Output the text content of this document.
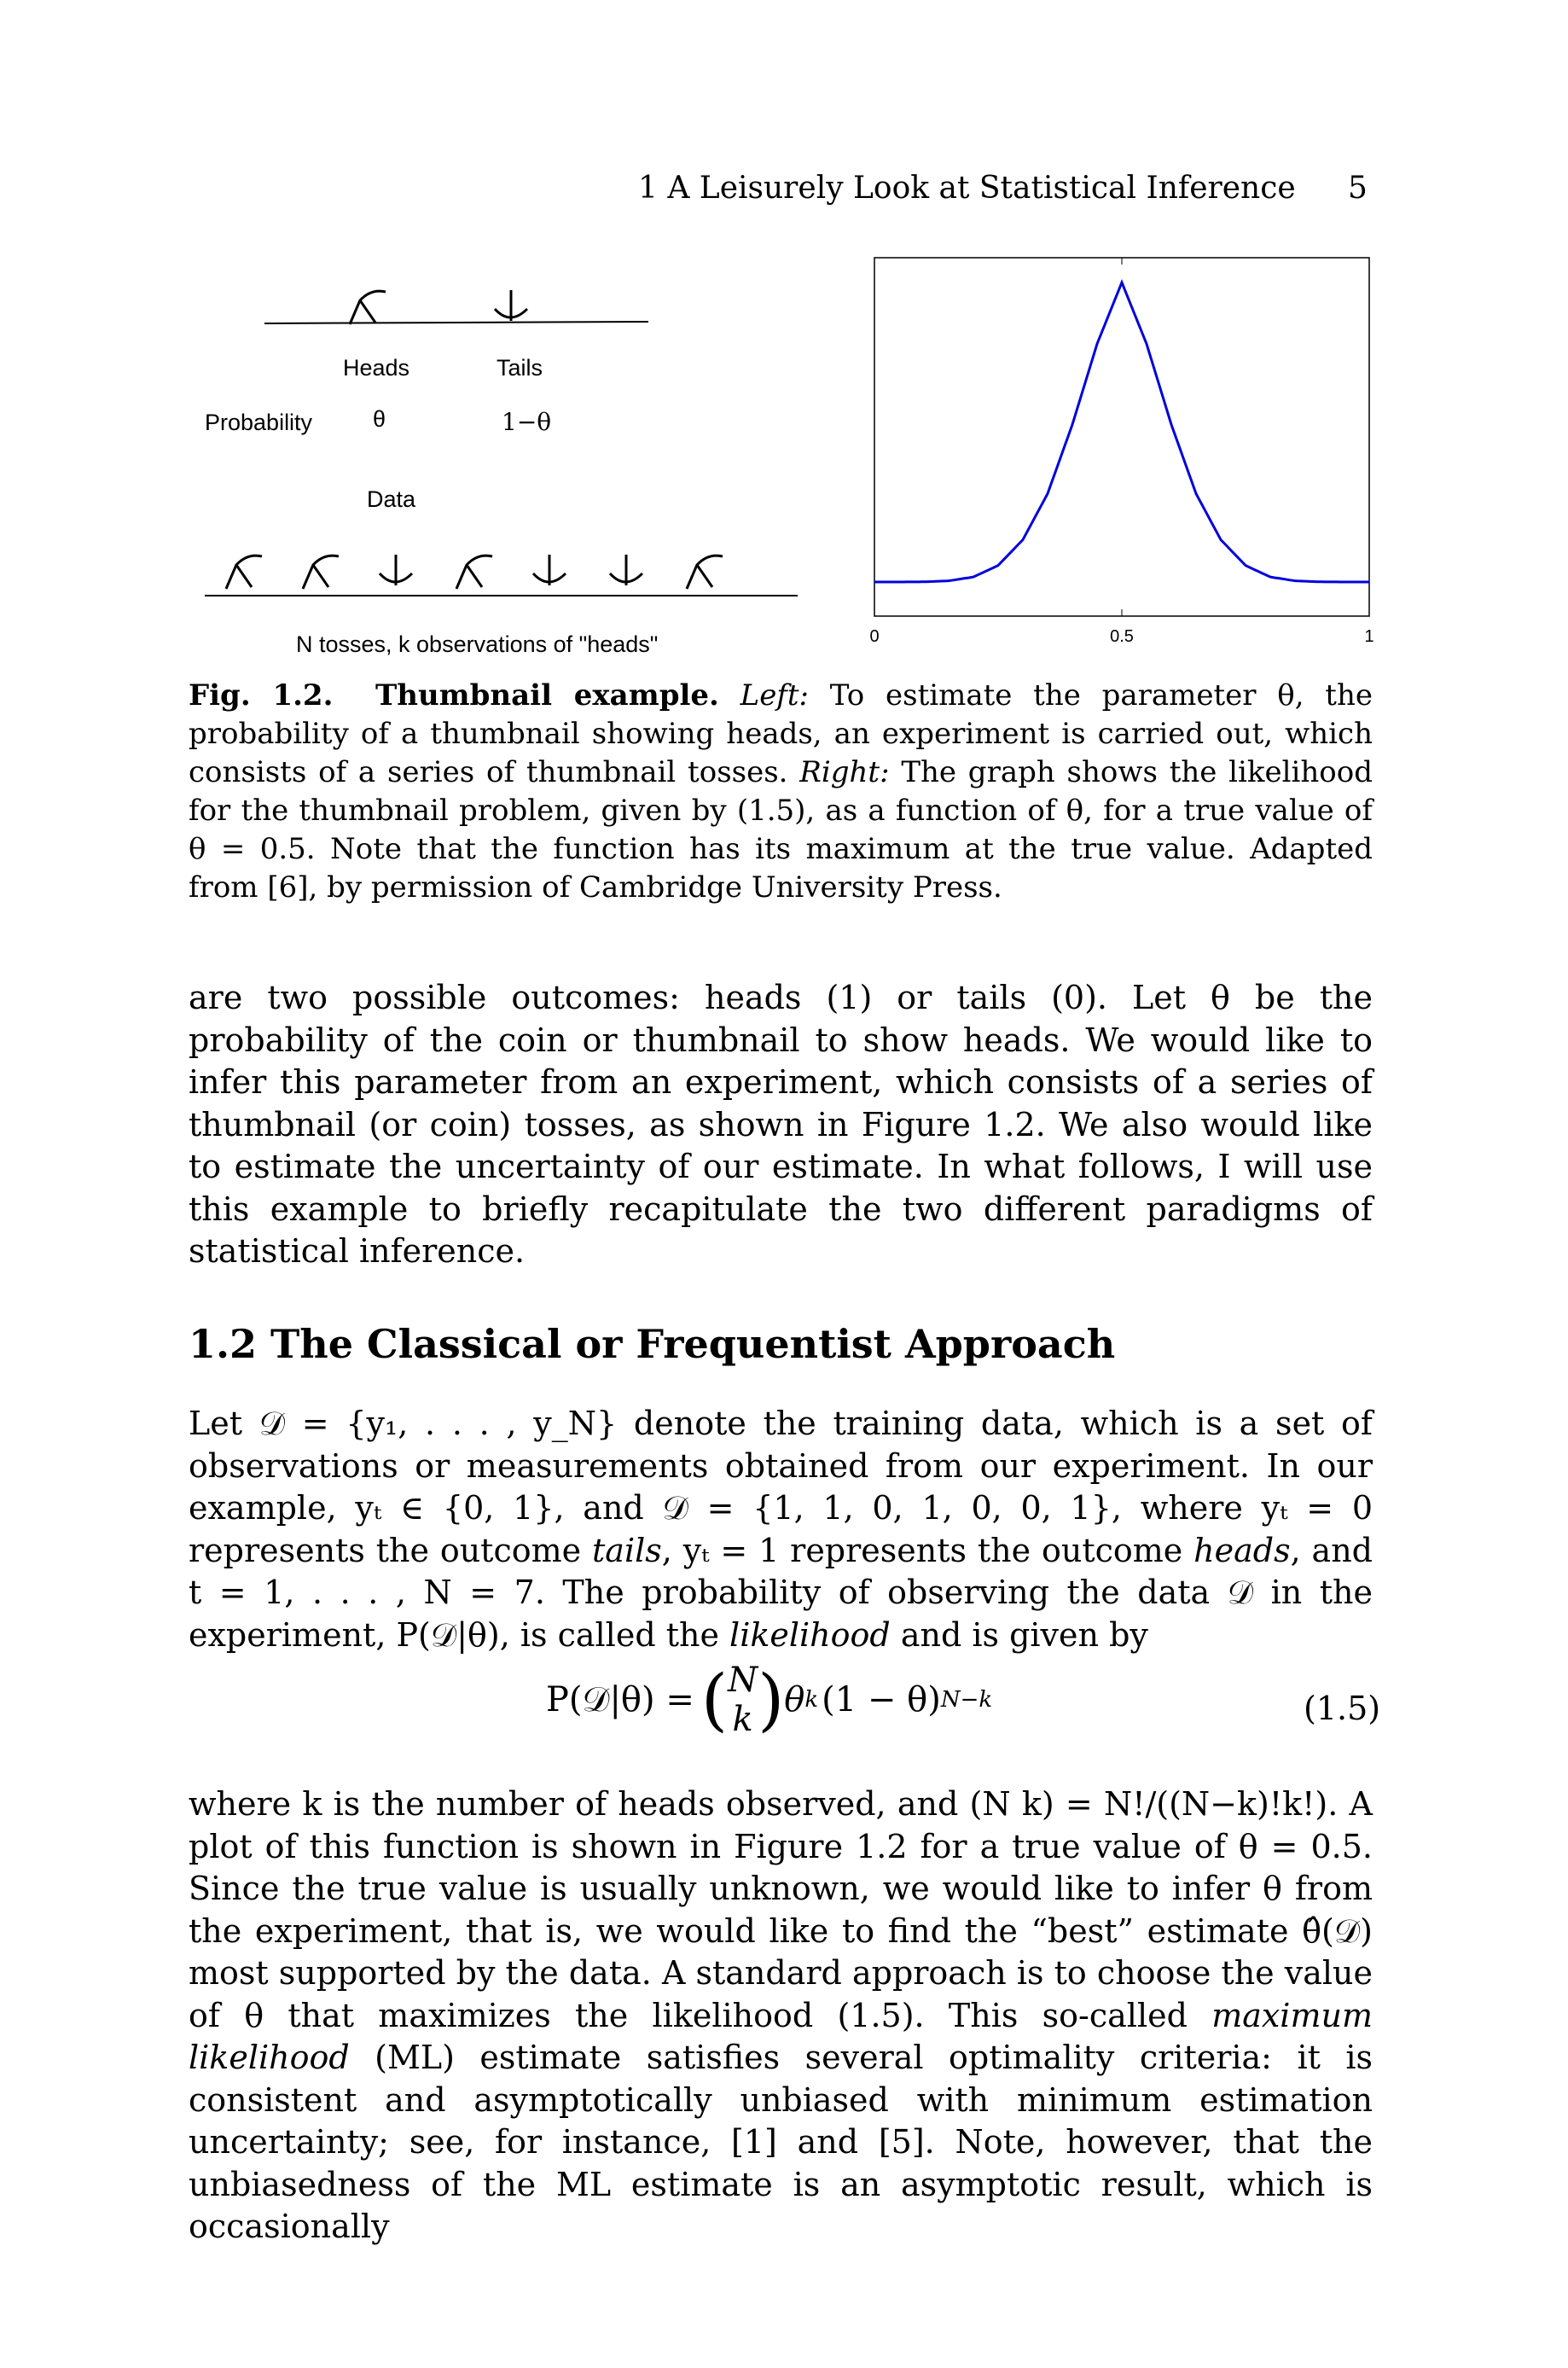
1 A Leisurely Look at Statistical Inference 5
Heads	Tails
Probability	θ	1−θ
Data
N tosses, k observations of "heads"	0	0.5	1
Fig. 1.2. Thumbnail example. Left: To estimate the parameter θ, the probability of a thumbnail showing heads, an experiment is carried out, which consists of a series of thumbnail tosses. Right: The graph shows the likelihood for the thumbnail problem, given by (1.5), as a function of θ, for a true value of θ = 0.5. Note that the function has its maximum at the true value. Adapted from [6], by permission of Cambridge University Press.
are two possible outcomes: heads (1) or tails (0). Let θ be the probability of the coin or thumbnail to show heads. We would like to infer this parameter from an experiment, which consists of a series of thumbnail (or coin) tosses, as shown in Figure 1.2. We also would like to estimate the uncertainty of our estimate. In what follows, I will use this example to briefly recapitulate the two different paradigms of statistical inference.
1.2 The Classical or Frequentist Approach
Let 𝒟 = {y₁, . . . , y_N} denote the training data, which is a set of observations or measurements obtained from our experiment. In our example, yₜ ∈ {0, 1}, and 𝒟 = {1, 1, 0, 1, 0, 0, 1}, where yₜ = 0 represents the outcome tails, yₜ = 1 represents the outcome heads, and t = 1, . . . , N = 7. The probability of observing the data 𝒟 in the experiment, P(𝒟|θ), is called the likelihood and is given by
P(𝒟|θ) = ( N
k ) θ k (1 − θ) N−k	(1.5)
where k is the number of heads observed, and (N k) = N!/((N−k)!k!). A plot of this function is shown in Figure 1.2 for a true value of θ = 0.5. Since the true value is usually unknown, we would like to infer θ from the experiment, that is, we would like to find the “best” estimate θ̂(𝒟) most supported by the data. A standard approach is to choose the value of θ that maximizes the likelihood (1.5). This so-called maximum likelihood (ML) estimate satisfies several optimality criteria: it is consistent and asymptotically unbiased with minimum estimation uncertainty; see, for instance, [1] and [5]. Note, however, that the unbiasedness of the ML estimate is an asymptotic result, which is occasionally
